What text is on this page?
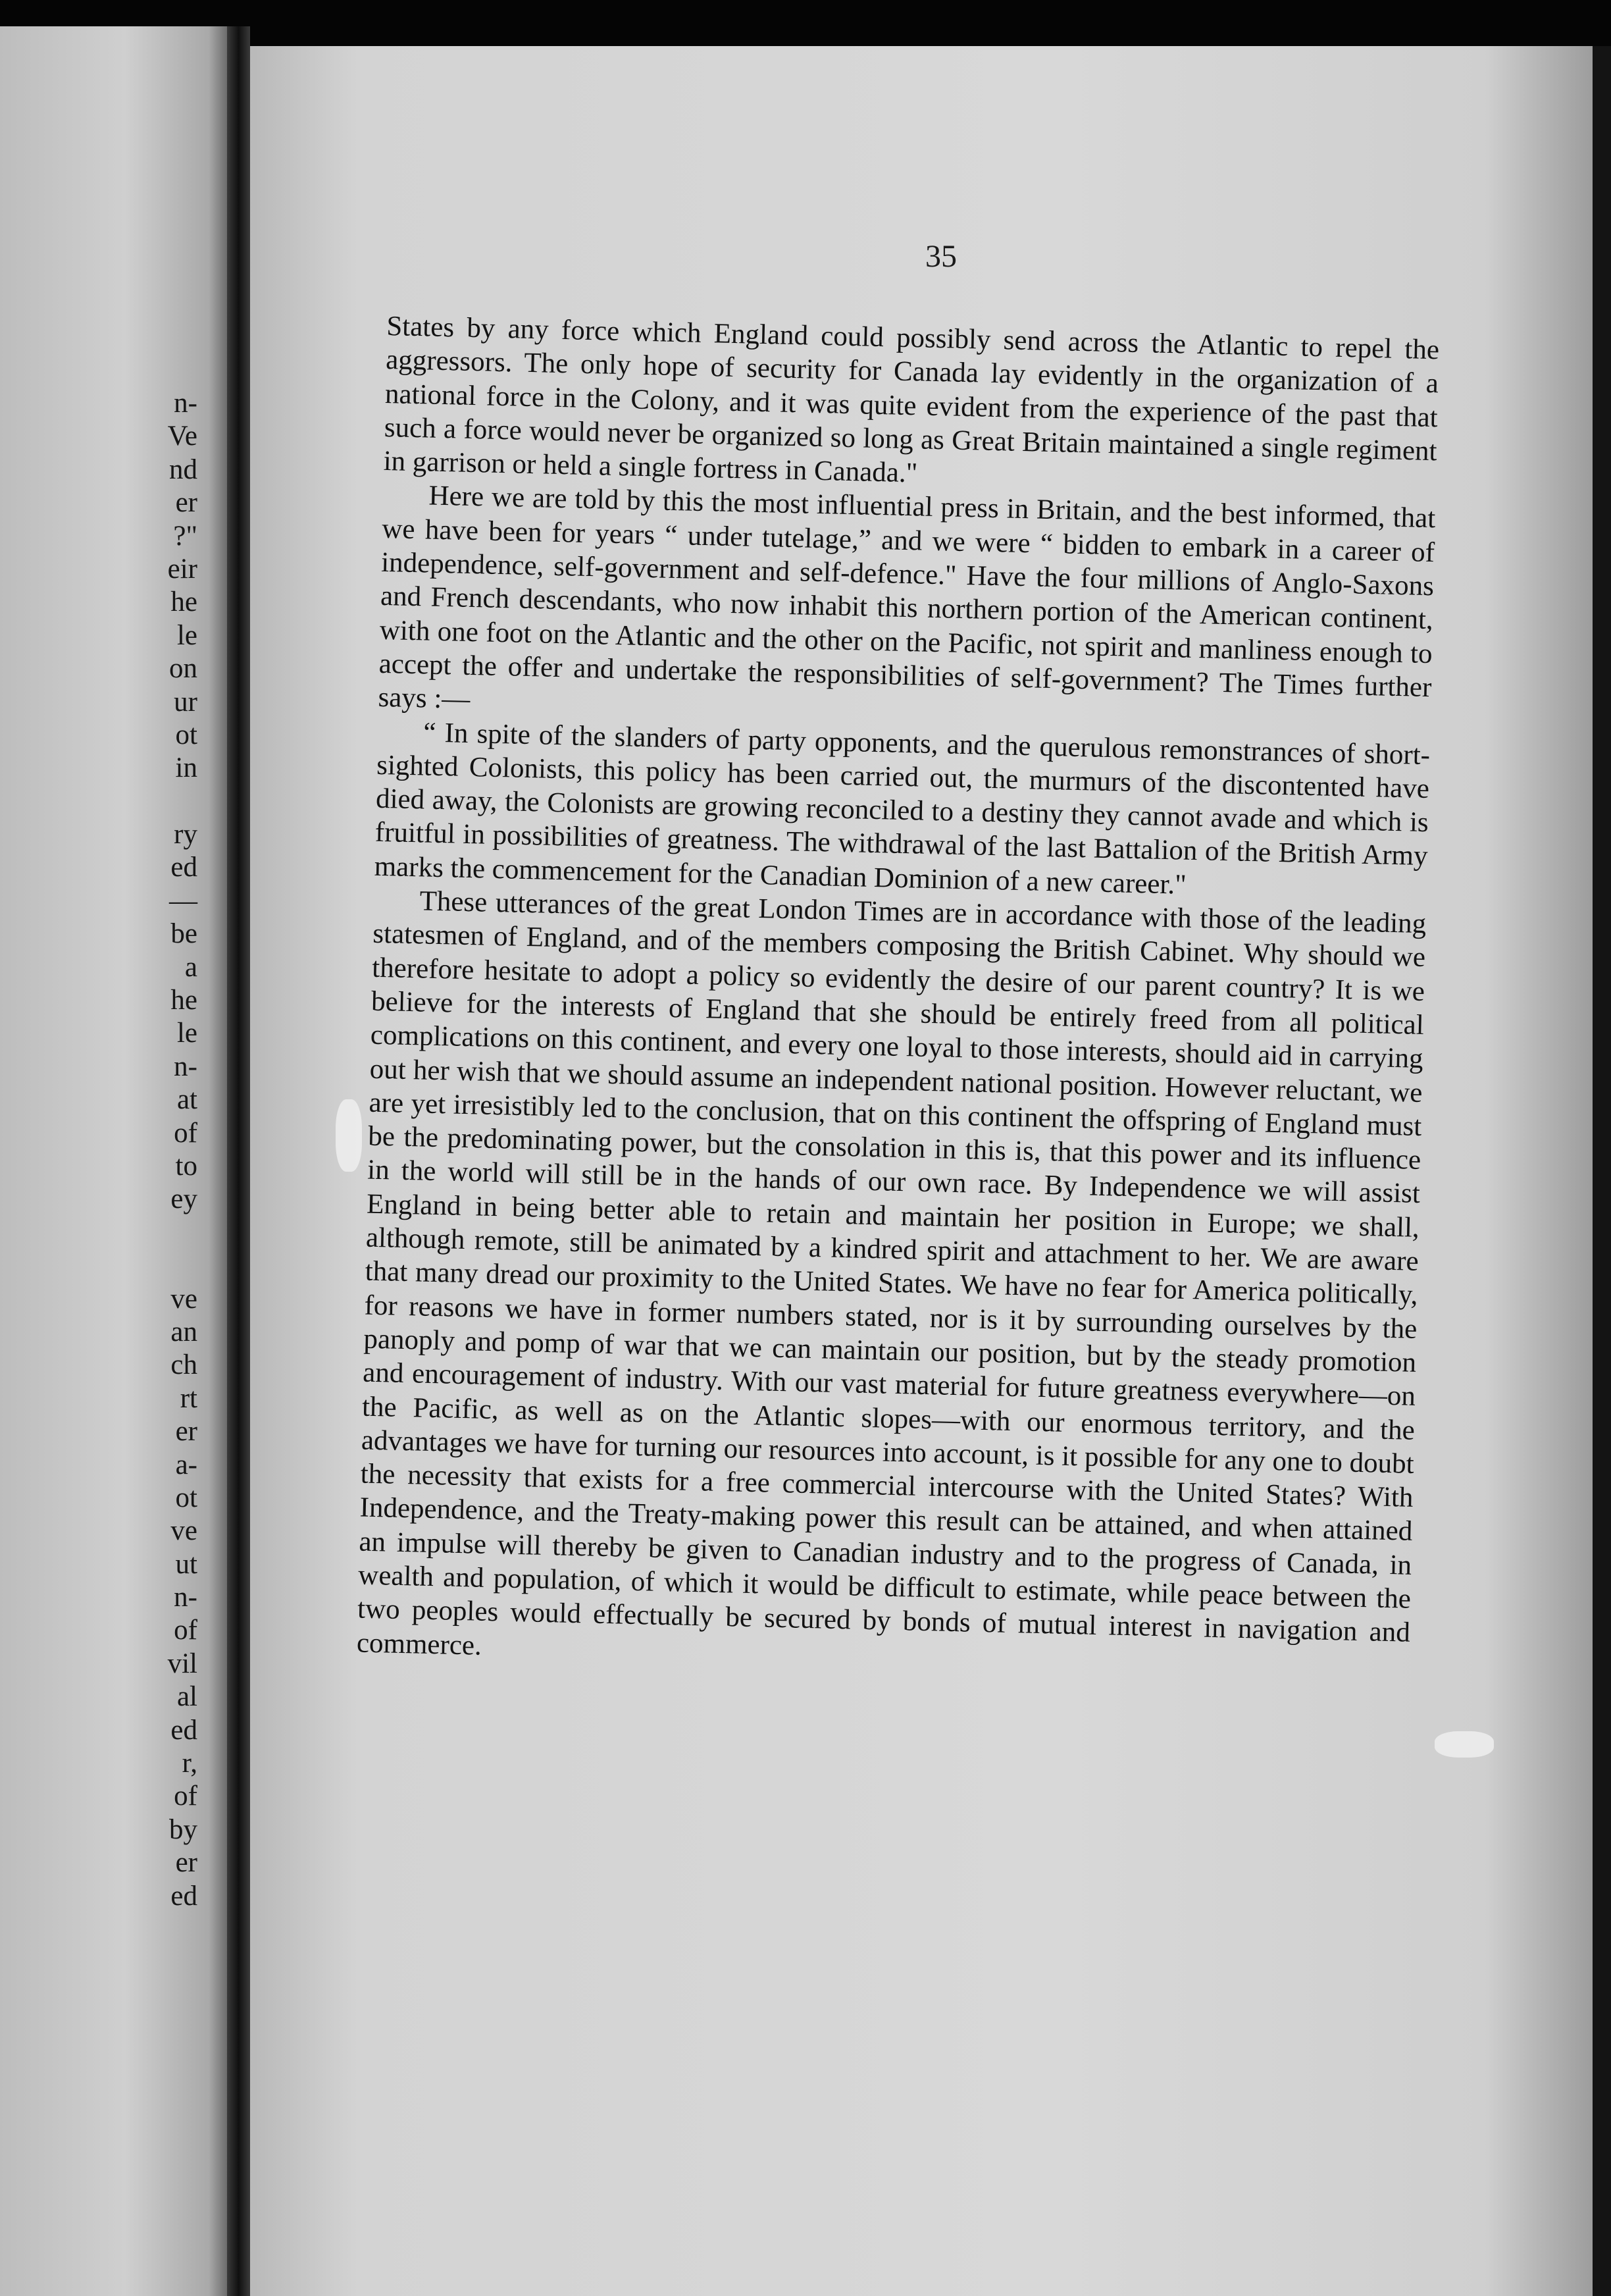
n-
Ve
nd
er
?"
eir
he
le
on
ur
ot
in
ry
ed
—
be
a
he
le
n-
at
of
to
ey
ve
an
ch
rt
er
a-
ot
ve
ut
n-
of
vil
al
ed
r,
of
by
er
ed
35

States by any force which England could possibly send across the Atlantic to repel the aggressors. The only hope of security for Canada lay evidently in the organization of a national force in the Colony, and it was quite evident from the experience of the past that such a force would never be organized so long as Great Britain maintained a single regiment in garrison or held a single fortress in Canada."

Here we are told by this the most influential press in Britain, and the best informed, that we have been for years “ under tutelage,” and we were “ bidden to embark in a career of independence, self-government and self-defence." Have the four millions of Anglo-Saxons and French descendants, who now inhabit this northern portion of the American continent, with one foot on the Atlantic and the other on the Pacific, not spirit and manliness enough to accept the offer and undertake the responsibilities of self-government? The Times further says :—

“ In spite of the slanders of party opponents, and the querulous remonstrances of short-sighted Colonists, this policy has been carried out, the murmurs of the discontented have died away, the Colonists are growing reconciled to a destiny they cannot avade and which is fruitful in possibilities of greatness. The withdrawal of the last Battalion of the British Army marks the commencement for the Canadian Dominion of a new career."

These utterances of the great London Times are in accordance with those of the leading statesmen of England, and of the members composing the British Cabinet. Why should we therefore hesitate to adopt a policy so evidently the desire of our parent country? It is we believe for the interests of England that she should be entirely freed from all political complications on this continent, and every one loyal to those interests, should aid in carrying out her wish that we should assume an independent national position. However reluctant, we are yet irresistibly led to the conclusion, that on this continent the offspring of England must be the predominating power, but the consolation in this is, that this power and its influence in the world will still be in the hands of our own race. By Independence we will assist England in being better able to retain and maintain her position in Europe; we shall, although remote, still be animated by a kindred spirit and attachment to her. We are aware that many dread our proximity to the United States. We have no fear for America politically, for reasons we have in former numbers stated, nor is it by surrounding ourselves by the panoply and pomp of war that we can maintain our position, but by the steady promotion and encouragement of industry. With our vast material for future greatness everywhere—on the Pacific, as well as on the Atlantic slopes—with our enormous territory, and the advantages we have for turning our resources into account, is it possible for any one to doubt the necessity that exists for a free commercial intercourse with the United States? With Independence, and the Treaty-making power this result can be attained, and when attained an impulse will thereby be given to Canadian industry and to the progress of Canada, in wealth and population, of which it would be difficult to estimate, while peace between the two peoples would effectually be secured by bonds of mutual interest in navigation and commerce.
